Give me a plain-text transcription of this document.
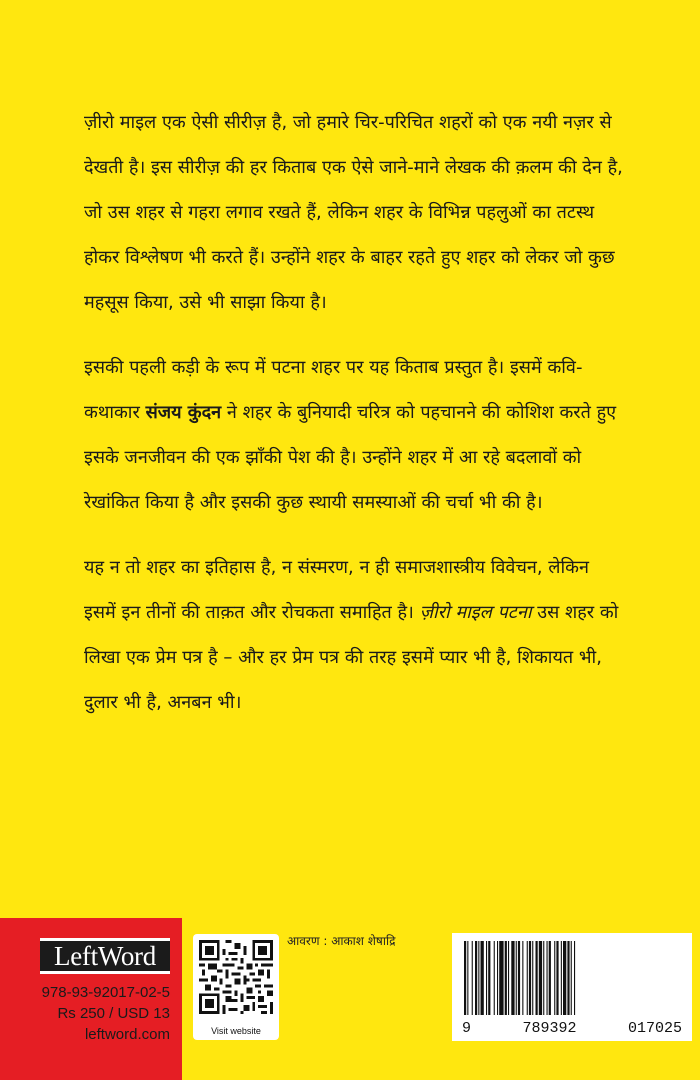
ज़ीरो माइल एक ऐसी सीरीज़ है, जो हमारे चिर-परिचित शहरों को एक नयी नज़र से देखती है। इस सीरीज़ की हर किताब एक ऐसे जाने-माने लेखक की क़लम की देन है, जो उस शहर से गहरा लगाव रखते हैं, लेकिन शहर के विभिन्न पहलुओं का तटस्थ होकर विश्लेषण भी करते हैं। उन्होंने शहर के बाहर रहते हुए शहर को लेकर जो कुछ महसूस किया, उसे भी साझा किया है।

इसकी पहली कड़ी के रूप में पटना शहर पर यह किताब प्रस्तुत है। इसमें कवि-कथाकार संजय कुंदन ने शहर के बुनियादी चरित्र को पहचानने की कोशिश करते हुए इसके जनजीवन की एक झाँकी पेश की है। उन्होंने शहर में आ रहे बदलावों को रेखांकित किया है और इसकी कुछ स्थायी समस्याओं की चर्चा भी की है।

यह न तो शहर का इतिहास है, न संस्मरण, न ही समाजशास्त्रीय विवेचन, लेकिन इसमें इन तीनों की ताक़त और रोचकता समाहित है। ज़ीरो माइल पटना उस शहर को लिखा एक प्रेम पत्र है – और हर प्रेम पत्र की तरह इसमें प्यार भी है, शिकायत भी, दुलार भी है, अनबन भी।

LeftWord
978-93-92017-02-5
Rs 250 / USD 13
leftword.com	Visit website
आवरण : आकाश शेषाद्रि
9	789392	017025
